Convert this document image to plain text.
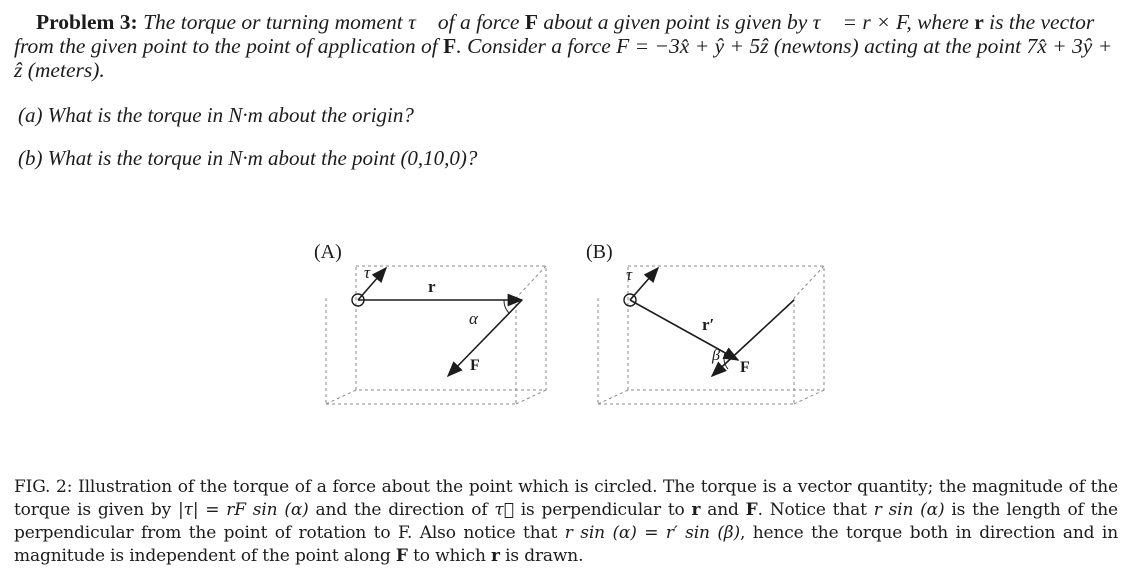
Problem 3: The torque or turning moment τ⃗ of a force F about a given point is given by τ⃗ = r × F, where r is the vector from the given point to the point of application of F. Consider a force F = −3x̂ + ŷ + 5ẑ (newtons) acting at the point 7x̂ + 3ŷ + ẑ (meters).
(a) What is the torque in N·m about the origin?
(b) What is the torque in N·m about the point (0,10,0)?
(A)
τ
r
α
F
(B)
τ
r′
β
F
FIG. 2: Illustration of the torque of a force about the point which is circled. The torque is a vector quantity; the magnitude of the torque is given by |τ| = rF sin (α) and the direction of τ⃗ is perpendicular to r and F. Notice that r sin (α) is the length of the perpendicular from the point of rotation to F. Also notice that r sin (α) = r′ sin (β), hence the torque both in direction and in magnitude is independent of the point along F to which r is drawn.
